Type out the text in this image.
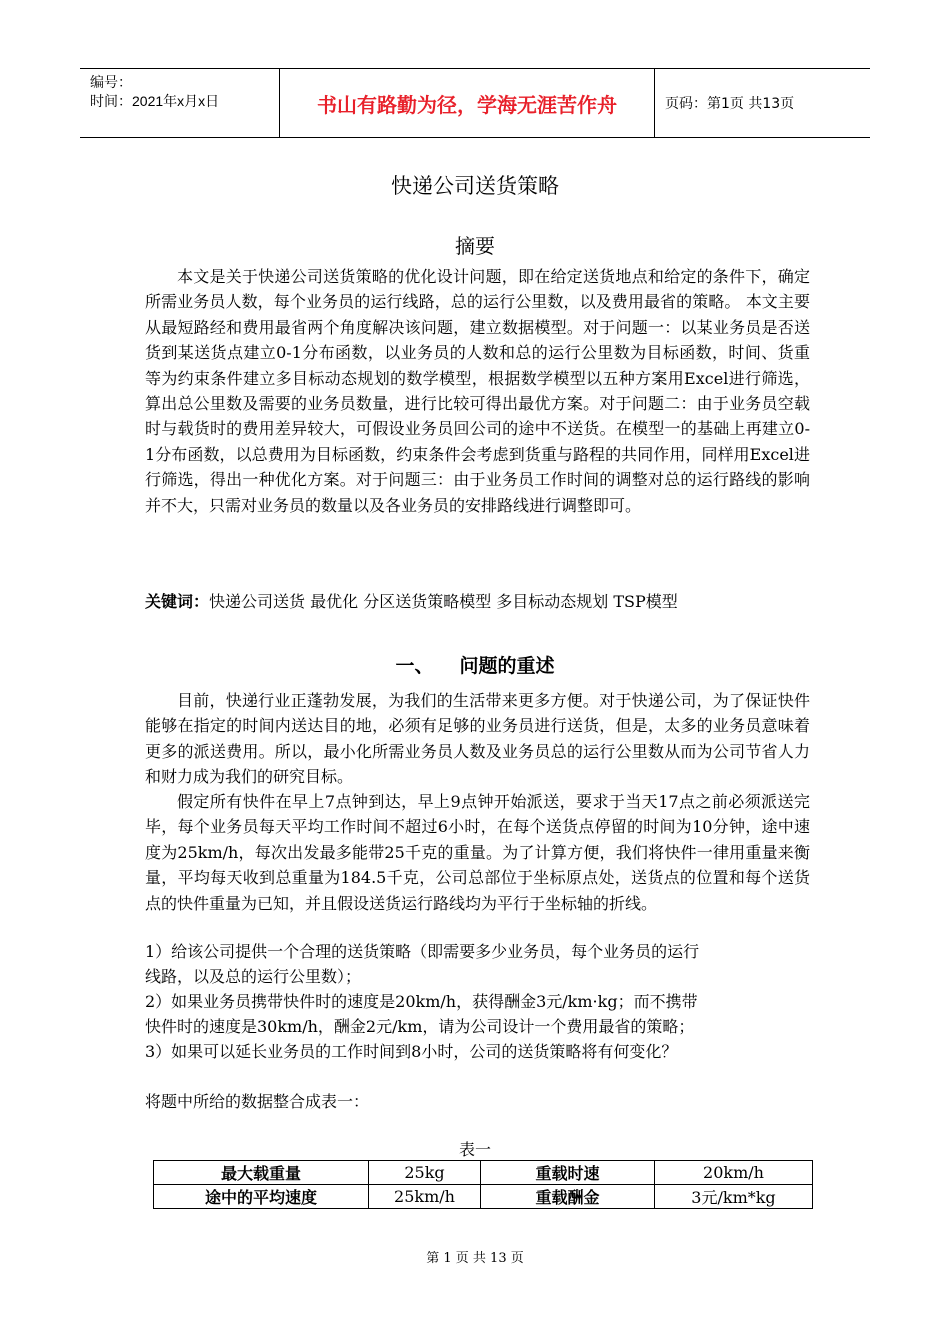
编号：
时间：2021年x月x日	书山有路勤为径，学海无涯苦作舟	页码：第1页 共13页
快递公司送货策略
摘要

本文是关于快递公司送货策略的优化设计问题，即在给定送货地点和给定的条件下，确定所需业务员人数，每个业务员的运行线路，总的运行公里数，以及费用最省的策略。 本文主要从最短路经和费用最省两个角度解决该问题，建立数据模型。对于问题一：以某业务员是否送货到某送货点建立0-1分布函数，以业务员的人数和总的运行公里数为目标函数，时间、货重等为约束条件建立多目标动态规划的数学模型，根据数学模型以五种方案用Excel进行筛选，算出总公里数及需要的业务员数量，进行比较可得出最优方案。对于问题二：由于业务员空载时与载货时的费用差异较大，可假设业务员回公司的途中不送货。在模型一的基础上再建立0-1分布函数，以总费用为目标函数，约束条件会考虑到货重与路程的共同作用，同样用Excel进行筛选，得出一种优化方案。对于问题三：由于业务员工作时间的调整对总的运行路线的影响并不大，只需对业务员的数量以及各业务员的安排路线进行调整即可。

关键词：快递公司送货 最优化 分区送货策略模型 多目标动态规划 TSP模型
一、 问题的重述

目前，快递行业正蓬勃发展，为我们的生活带来更多方便。对于快递公司，为了保证快件能够在指定的时间内送达目的地，必须有足够的业务员进行送货，但是，太多的业务员意味着更多的派送费用。所以，最小化所需业务员人数及业务员总的运行公里数从而为公司节省人力和财力成为我们的研究目标。

假定所有快件在早上7点钟到达，早上9点钟开始派送，要求于当天17点之前必须派送完毕，每个业务员每天平均工作时间不超过6小时，在每个送货点停留的时间为10分钟，途中速度为25km/h，每次出发最多能带25千克的重量。为了计算方便，我们将快件一律用重量来衡量，平均每天收到总重量为184.5千克，公司总部位于坐标原点处，送货点的位置和每个送货点的快件重量为已知，并且假设送货运行路线均为平行于坐标轴的折线。

1）给该公司提供一个合理的送货策略（即需要多少业务员，每个业务员的运行
线路，以及总的运行公里数）；
2）如果业务员携带快件时的速度是20km/h，获得酬金3元/km·kg；而不携带
快件时的速度是30km/h，酬金2元/km，请为公司设计一个费用最省的策略；
3）如果可以延长业务员的工作时间到8小时，公司的送货策略将有何变化？
将题中所给的数据整合成表一：
表一
最大载重量	25kg	重载时速	20km/h
途中的平均速度	25km/h	重载酬金	3元/km*kg
第 1 页 共 13 页
